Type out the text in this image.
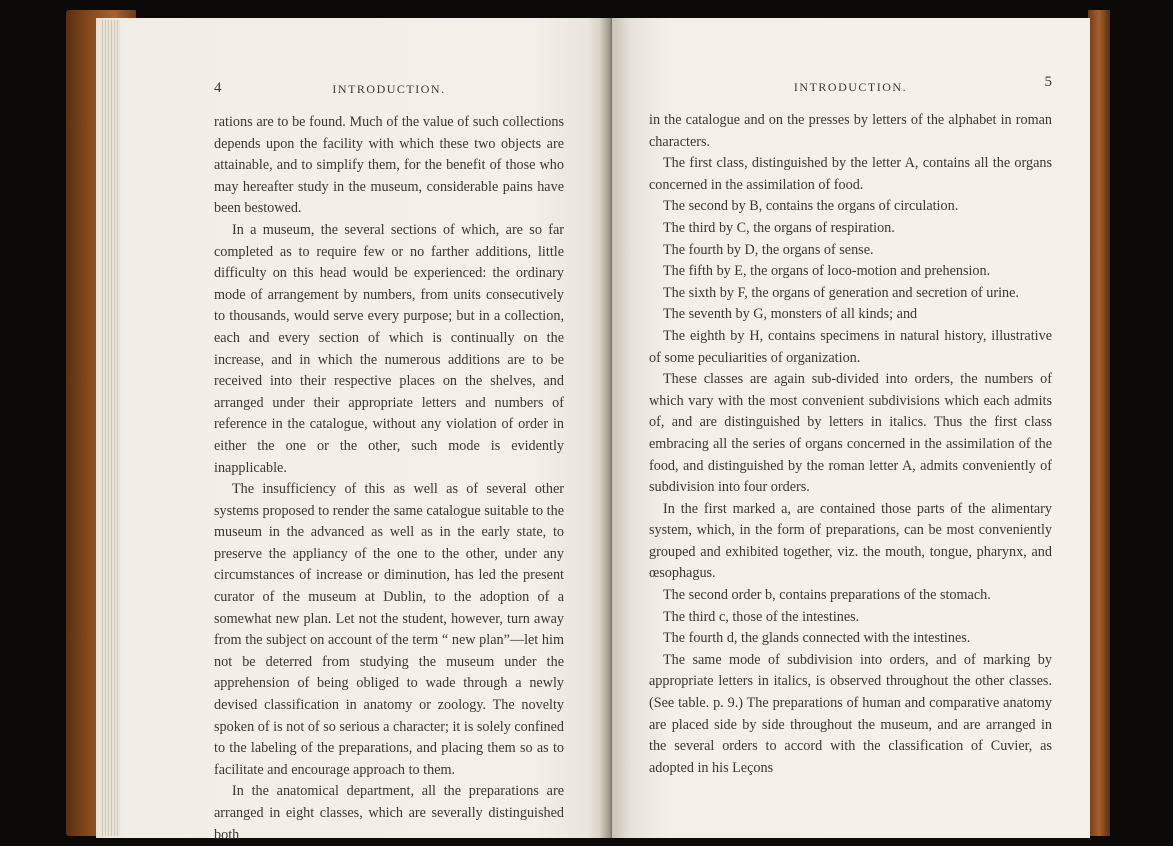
4	INTRODUCTION.

rations are to be found. Much of the value of such collections depends upon the facility with which these two objects are attainable, and to simplify them, for the benefit of those who may hereafter study in the museum, considerable pains have been bestowed.

In a museum, the several sections of which, are so far completed as to require few or no farther additions, little difficulty on this head would be experienced: the ordinary mode of arrangement by numbers, from units consecutively to thousands, would serve every purpose; but in a collection, each and every section of which is continually on the increase, and in which the numerous additions are to be received into their respective places on the shelves, and arranged under their appropriate letters and numbers of reference in the catalogue, without any violation of order in either the one or the other, such mode is evidently inapplicable.

The insufficiency of this as well as of several other systems proposed to render the same catalogue suitable to the museum in the advanced as well as in the early state, to preserve the appliancy of the one to the other, under any circumstances of increase or diminution, has led the present curator of the museum at Dublin, to the adoption of a somewhat new plan. Let not the student, however, turn away from the subject on account of the term “ new plan”—let him not be deterred from studying the museum under the apprehension of being obliged to wade through a newly devised classification in anatomy or zoology. The novelty spoken of is not of so serious a character; it is solely confined to the labeling of the preparations, and placing them so as to facilitate and encourage approach to them.

In the anatomical department, all the preparations are arranged in eight classes, which are severally distinguished both

INTRODUCTION.	5

in the catalogue and on the presses by letters of the alphabet in roman characters.

The first class, distinguished by the letter A, contains all the organs concerned in the assimilation of food.

The second by B, contains the organs of circulation.

The third by C, the organs of respiration.

The fourth by D, the organs of sense.

The fifth by E, the organs of loco-motion and prehension.

The sixth by F, the organs of generation and secretion of urine.

The seventh by G, monsters of all kinds; and

The eighth by H, contains specimens in natural history, illustrative of some peculiarities of organization.

These classes are again sub-divided into orders, the numbers of which vary with the most convenient subdivisions which each admits of, and are distinguished by letters in italics. Thus the first class embracing all the series of organs concerned in the assimilation of the food, and distinguished by the roman letter A, admits conveniently of subdivision into four orders.

In the first marked a, are contained those parts of the alimentary system, which, in the form of preparations, can be most conveniently grouped and exhibited together, viz. the mouth, tongue, pharynx, and œsophagus.

The second order b, contains preparations of the stomach.

The third c, those of the intestines.

The fourth d, the glands connected with the intestines.

The same mode of subdivision into orders, and of marking by appropriate letters in italics, is observed throughout the other classes. (See table. p. 9.) The preparations of human and comparative anatomy are placed side by side throughout the museum, and are arranged in the several orders to accord with the classification of Cuvier, as adopted in his Leçons
